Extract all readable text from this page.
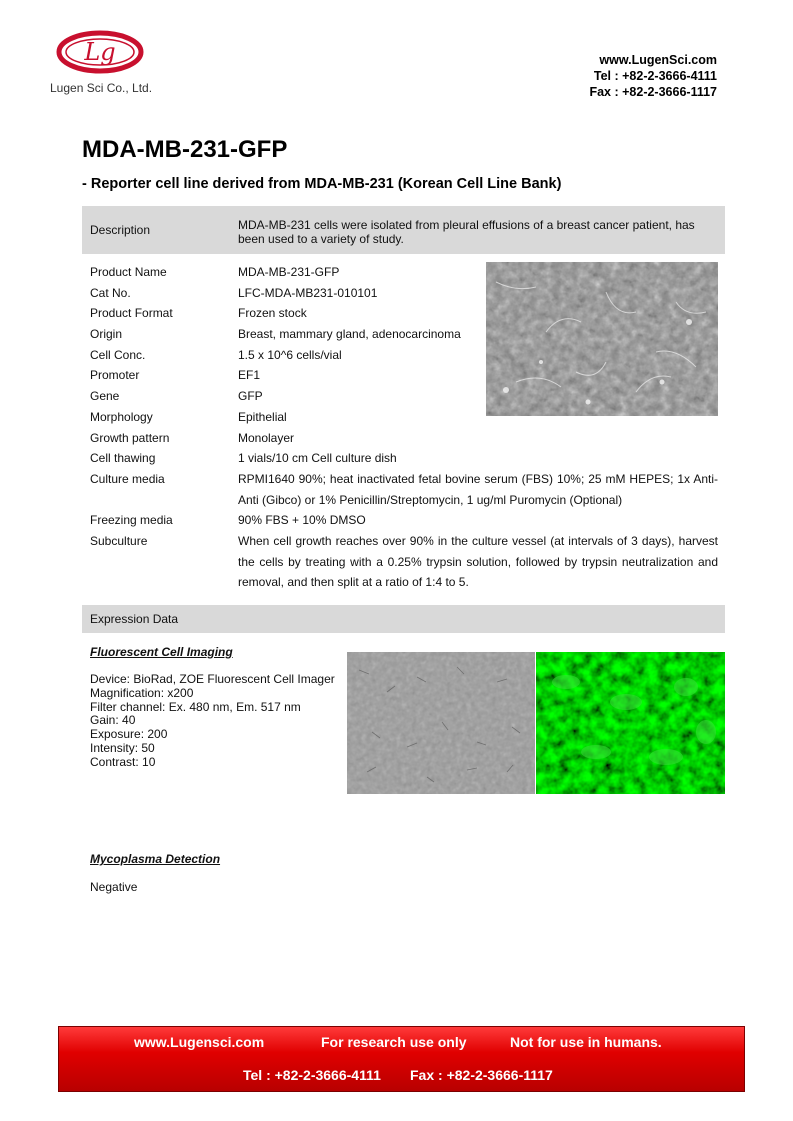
Lg
Lugen Sci Co., Ltd.
www.LugenSci.com
Tel : +82-2-3666-4111
Fax : +82-2-3666-1117
MDA-MB-231-GFP
- Reporter cell line derived from MDA-MB-231 (Korean Cell Line Bank)
Description	MDA-MB-231 cells were isolated from pleural effusions of a breast cancer patient, has been used to a variety of study.
Product Name	MDA-MB-231-GFP
Cat No.	LFC-MDA-MB231-010101
Product Format	Frozen stock
Origin	Breast, mammary gland, adenocarcinoma
Cell Conc.	1.5 x 10^6 cells/vial
Promoter	EF1
Gene	GFP
Morphology	Epithelial
Growth pattern	Monolayer
Cell thawing	1 vials/10 cm Cell culture dish
Culture media	RPMI1640 90%; heat inactivated fetal bovine serum (FBS) 10%; 25 mM HEPES; 1x Anti-Anti (Gibco) or 1% Penicillin/Streptomycin, 1 ug/ml Puromycin (Optional)
Freezing media	90% FBS + 10% DMSO
Subculture	When cell growth reaches over 90% in the culture vessel (at intervals of 3 days), harvest the cells by treating with a 0.25% trypsin solution, followed by trypsin neutralization and removal, and then split at a ratio of 1:4 to 5.
Expression Data
Fluorescent Cell Imaging
Device: BioRad, ZOE Fluorescent Cell Imager
Magnification: x200
Filter channel: Ex. 480 nm, Em. 517 nm
Gain: 40
Exposure: 200
Intensity: 50
Contrast: 10
Mycoplasma Detection
Negative
www.Lugensci.com	For research use only	Not for use in humans.
Tel : +82-2-3666-4111 Fax : +82-2-3666-1117
